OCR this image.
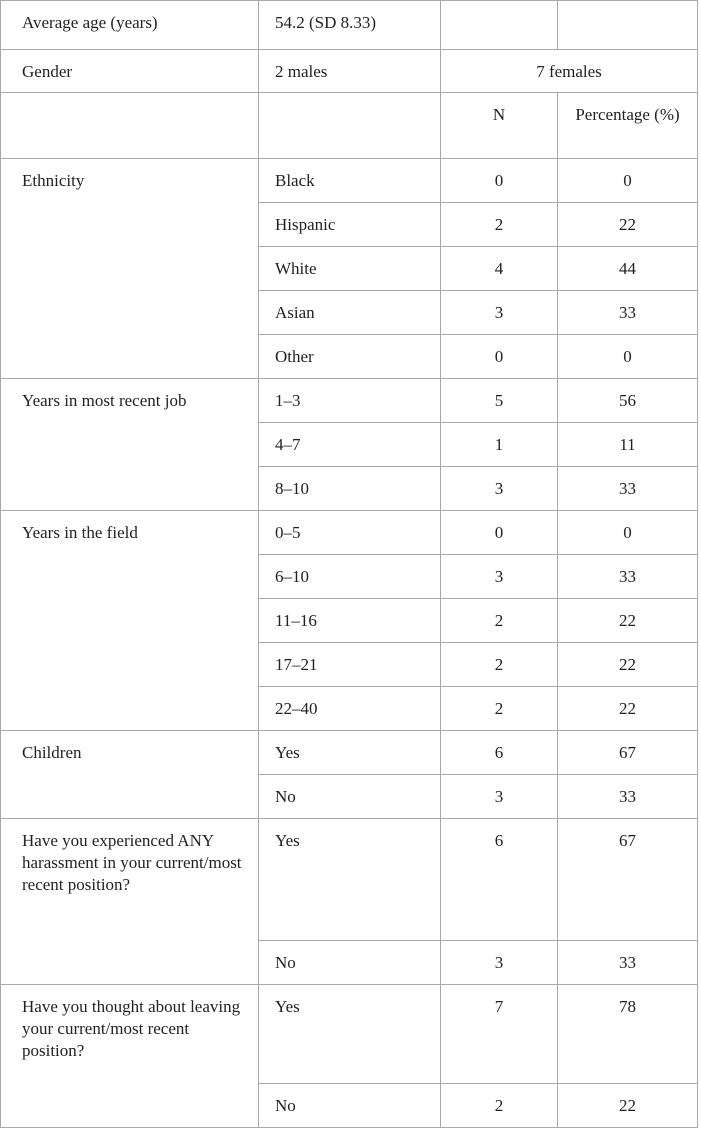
Average age (years)	54.2 (SD 8.33)		
Gender	2 males	7 females	
		N	Percentage (%)
Ethnicity	Black	0	0
	Hispanic	2	22
	White	4	44
	Asian	3	33
	Other	0	0
Years in most recent job	1–3	5	56
	4–7	1	11
	8–10	3	33
Years in the field	0–5	0	0
	6–10	3	33
	11–16	2	22
	17–21	2	22
	22–40	2	22
Children	Yes	6	67
	No	3	33
Have you experienced ANY harassment in your current/most recent position?	Yes	6	67
	No	3	33
Have you thought about leaving your current/most recent position?	Yes	7	78
	No	2	22
